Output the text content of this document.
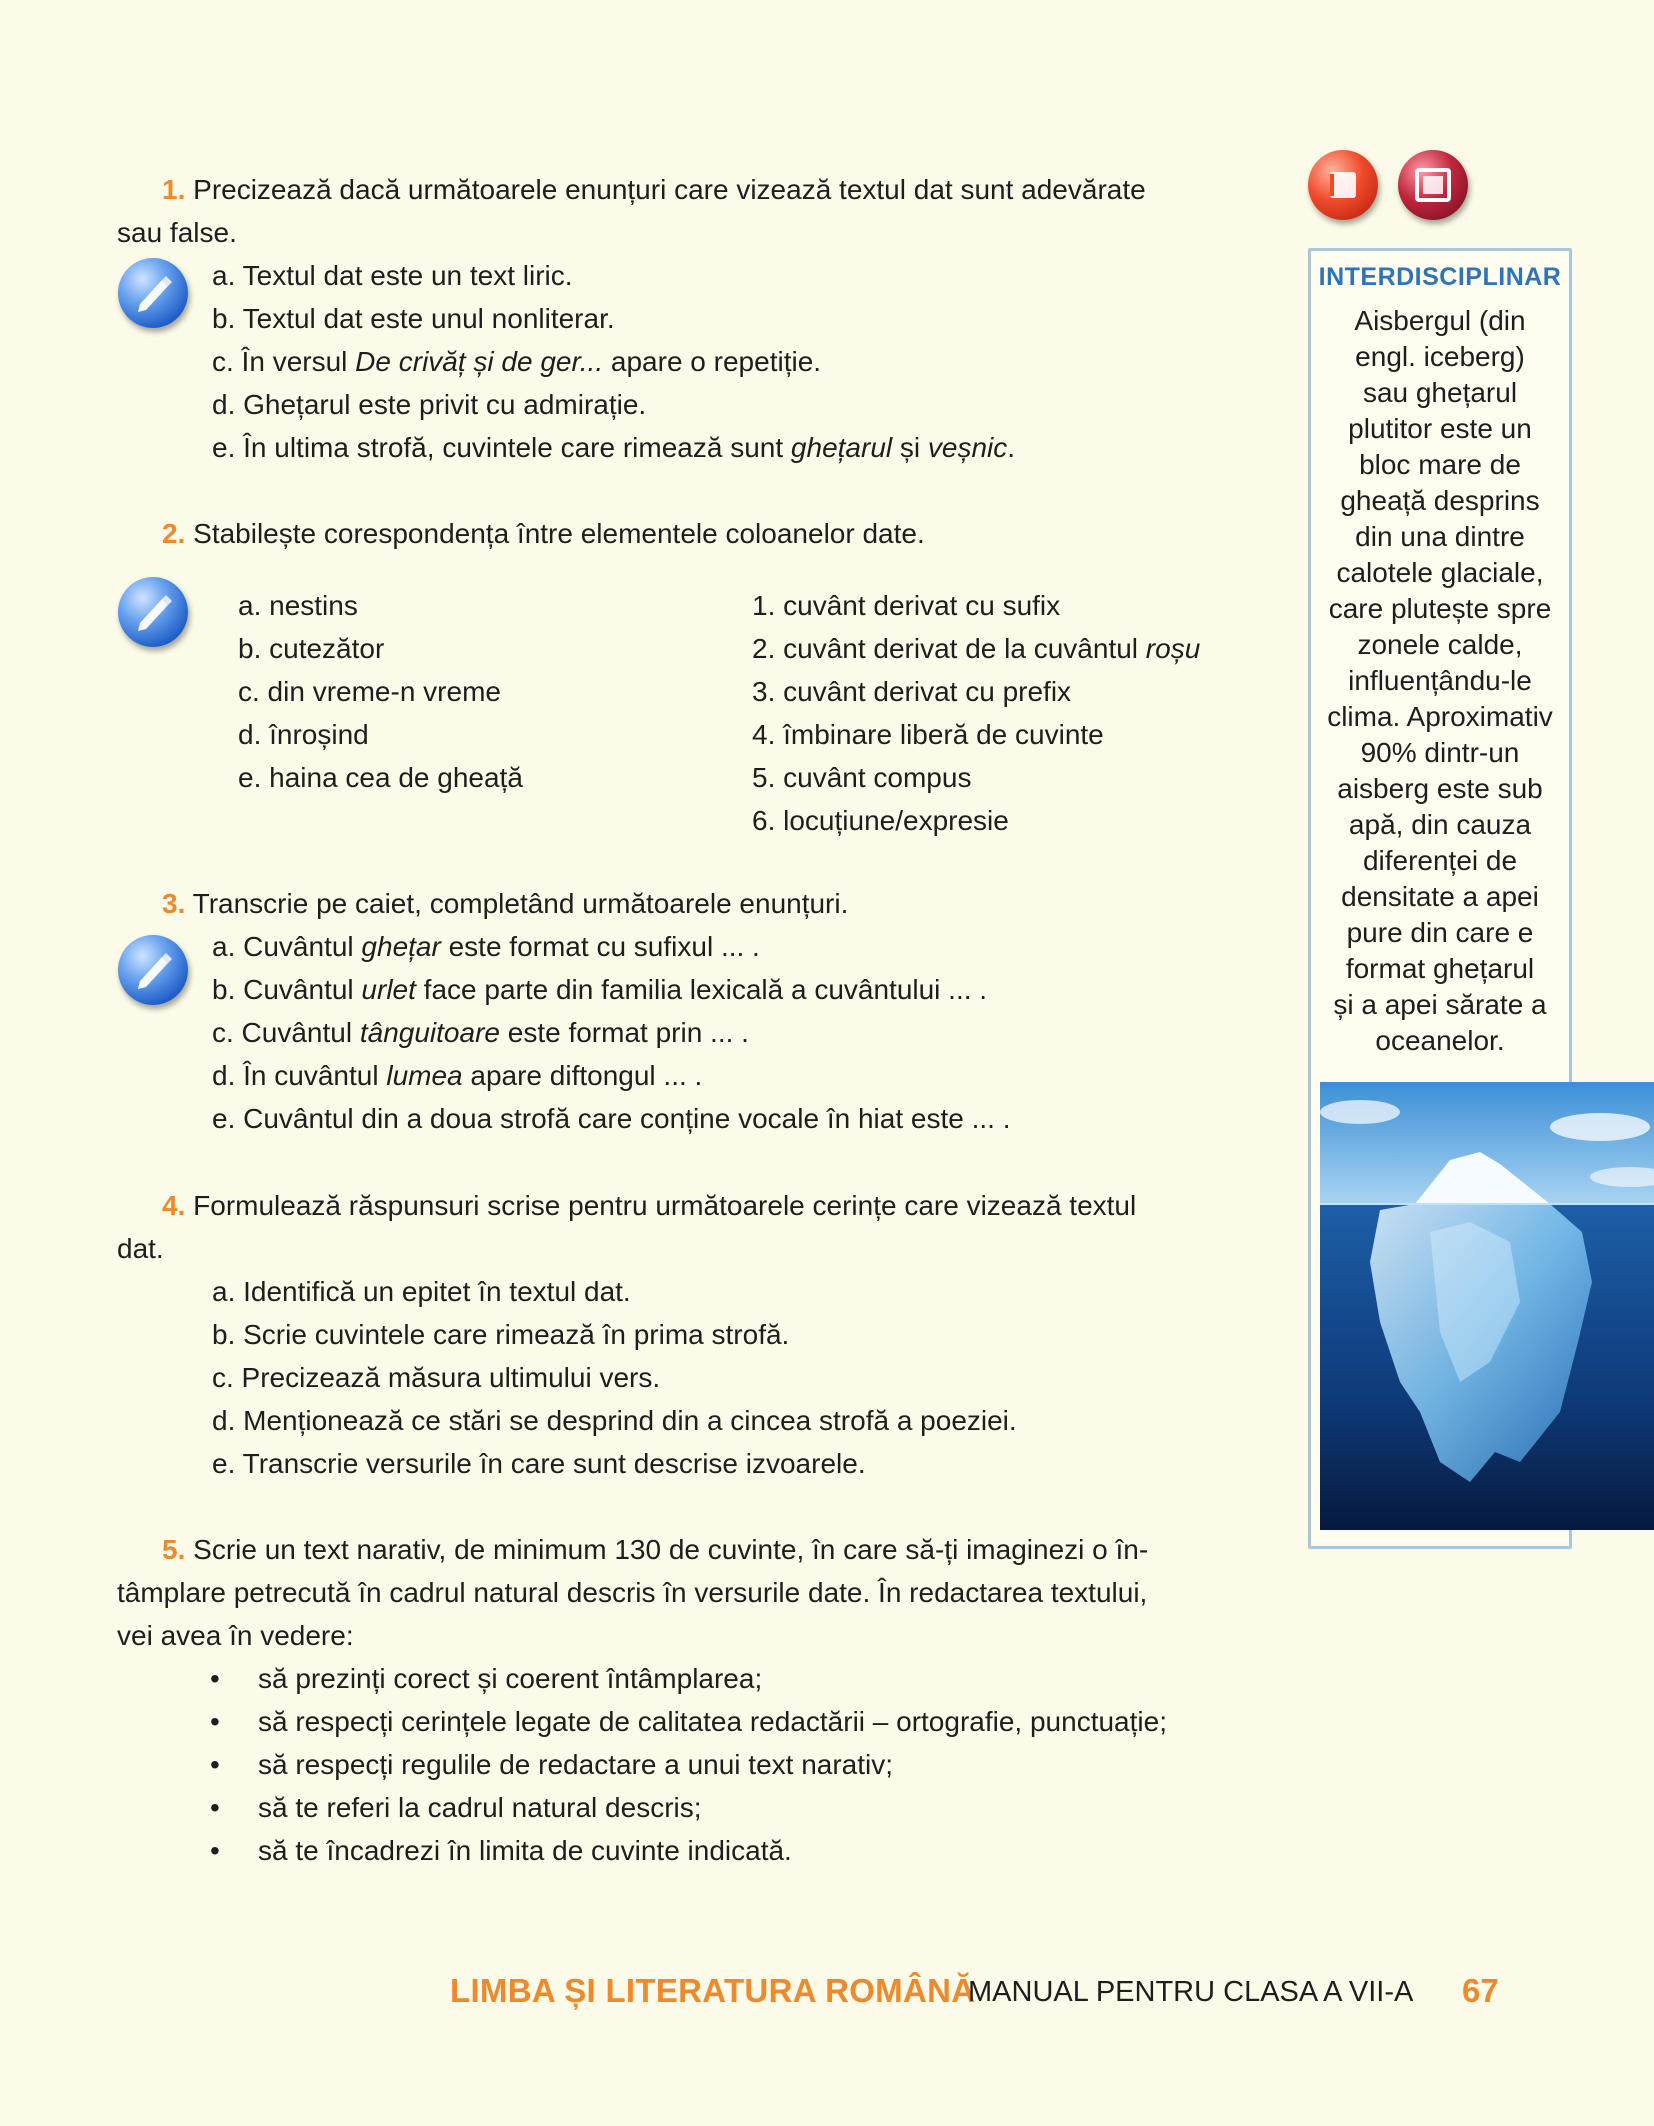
1. Precizează dacă următoarele enunțuri care vizează textul dat sunt adevărate
sau false.
a. Textul dat este un text liric.
b. Textul dat este unul nonliterar.
c. În versul De crivăț și de ger... apare o repetiție.
d. Ghețarul este privit cu admirație.
e. În ultima strofă, cuvintele care rimează sunt ghețarul și veșnic.
2. Stabilește corespondența între elementele coloanelor date.
a. nestins
b. cutezător
c. din vreme-n vreme
d. înroșind
e. haina cea de gheață
1. cuvânt derivat cu sufix
2. cuvânt derivat de la cuvântul roșu
3. cuvânt derivat cu prefix
4. îmbinare liberă de cuvinte
5. cuvânt compus
6. locuțiune/expresie
3. Transcrie pe caiet, completând următoarele enunțuri.
a. Cuvântul ghețar este format cu sufixul ... .
b. Cuvântul urlet face parte din familia lexicală a cuvântului ... .
c. Cuvântul tânguitoare este format prin ... .
d. În cuvântul lumea apare diftongul ... .
e. Cuvântul din a doua strofă care conține vocale în hiat este ... .
4. Formulează răspunsuri scrise pentru următoarele cerințe care vizează textul
dat.
a. Identifică un epitet în textul dat.
b. Scrie cuvintele care rimează în prima strofă.
c. Precizează măsura ultimului vers.
d. Menționează ce stări se desprind din a cincea strofă a poeziei.
e. Transcrie versurile în care sunt descrise izvoarele.
5. Scrie un text narativ, de minimum 130 de cuvinte, în care să-ți imaginezi o în-
tâmplare petrecută în cadrul natural descris în versurile date. În redactarea textului,
vei avea în vedere:
• să prezinți corect și coerent întâmplarea;
• să respecți cerințele legate de calitatea redactării – ortografie, punctuație;
• să respecți regulile de redactare a unui text narativ;
• să te referi la cadrul natural descris;
• să te încadrezi în limita de cuvinte indicată.
INTERDISCIPLINAR
Aisbergul (din
engl. iceberg)
sau ghețarul
plutitor este un
bloc mare de
gheață desprins
din una dintre
calotele glaciale,
care plutește spre
zonele calde,
influențându-le
clima. Aproximativ
90% dintr-un
aisberg este sub
apă, din cauza
diferenței de
densitate a apei
pure din care e
format ghețarul
și a apei sărate a
oceanelor.
LIMBA ȘI LITERATURA ROMÂNĂ
MANUAL PENTRU CLASA A VII-A 67
